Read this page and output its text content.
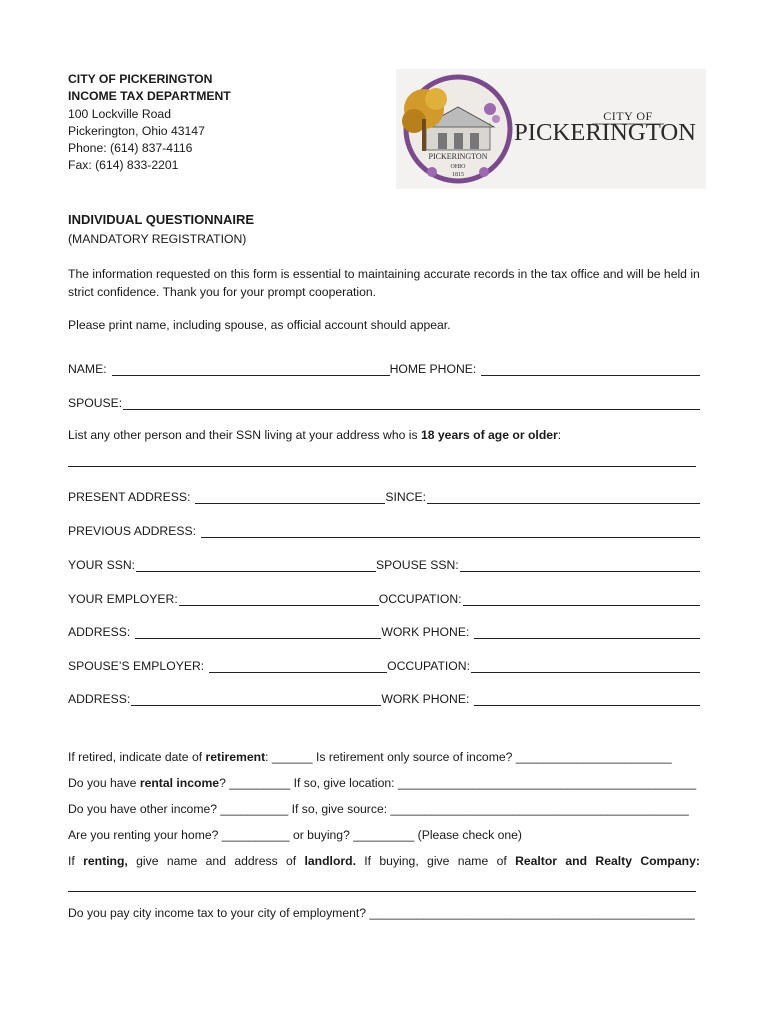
CITY OF PICKERINGTON
INCOME TAX DEPARTMENT
100 Lockville Road
Pickerington, Ohio 43147
Phone: (614) 837-4116
Fax: (614) 833-2201
PICKERINGTON
OHIO
1815
CITY OF
PICKERINGTON
INDIVIDUAL QUESTIONNAIRE
(MANDATORY REGISTRATION)
The information requested on this form is essential to maintaining accurate records in the tax office and will be held in strict confidence. Thank you for your prompt cooperation.
Please print name, including spouse, as official account should appear.
NAME:	HOME PHONE:
SPOUSE:
List any other person and their SSN living at your address who is 18 years of age or older:
PRESENT ADDRESS:	SINCE:
PREVIOUS ADDRESS:
YOUR SSN:	SPOUSE SSN:
YOUR EMPLOYER:	OCCUPATION:
ADDRESS:	WORK PHONE:
SPOUSE’S EMPLOYER:	OCCUPATION:
ADDRESS:	WORK PHONE:
If retired, indicate date of retirement: ______ Is retirement only source of income? _______________________
Do you have rental income? _________ If so, give location: ____________________________________________
Do you have other income? __________ If so, give source: ____________________________________________
Are you renting your home? __________ or buying? _________ (Please check one)
If renting, give name and address of landlord. If buying, give name of Realtor and Realty Company:
Do you pay city income tax to your city of employment? ________________________________________________
